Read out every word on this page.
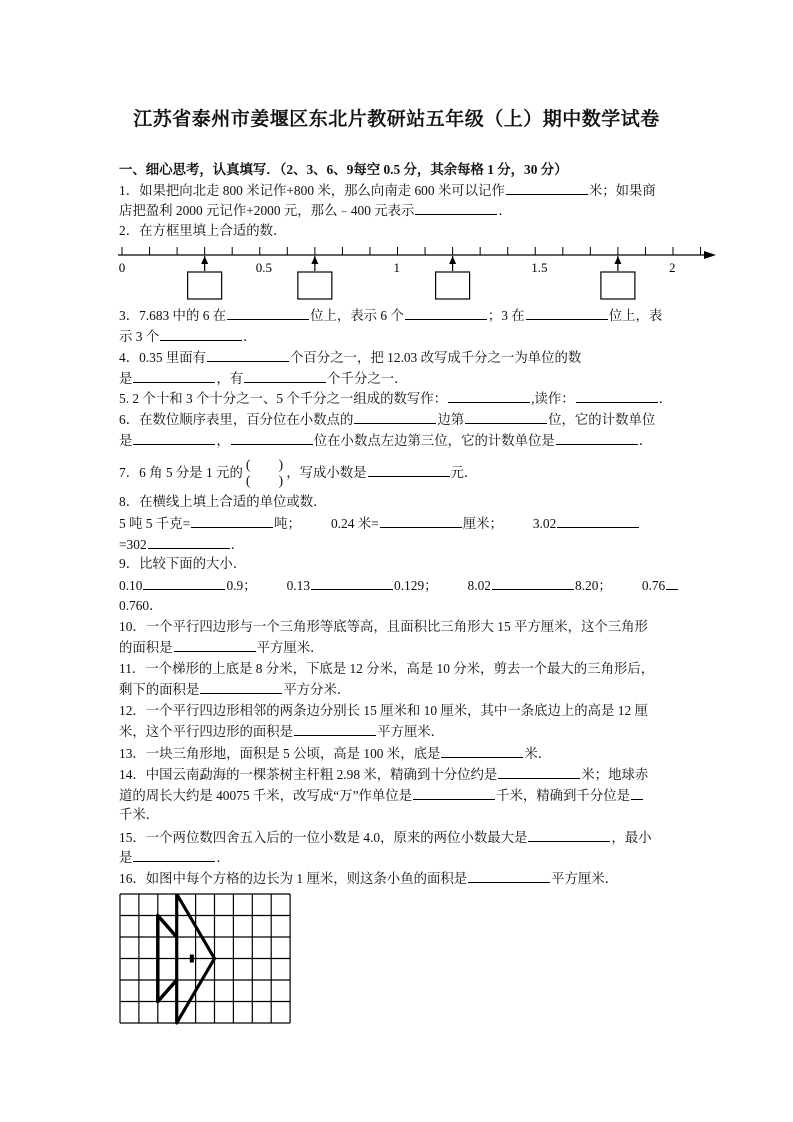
江苏省泰州市姜堰区东北片教研站五年级（上）期中数学试卷
一、细心思考，认真填写．（2、3、6、9每空 0.5 分，其余每格 1 分，30 分）
1．如果把向北走 800 米记作+800 米，那么向南走 600 米可以记作	米；如果商
店把盈利 2000 元记作+2000 元，那么﹣400 元表示	．
2．在方框里填上合适的数．
3．7.683 中的 6 在	位上，表示 6 个	；3 在	位上，表
示 3 个	．
4．0.35 里面有	个百分之一，把 12.03 改写成千分之一为单位的数
是	，有	个千分之一．
5. 2 个十和 3 个十分之一、5 个千分之一组成的数写作：	,读作：	．
6．在数位顺序表里，百分位在小数点的	边第	位，它的计数单位
是	，	位在小数点左边第三位，它的计数单位是	．
7．6 角 5 分是 1 元的 (　　)
(　　)
，写成小数是	元．
8．在横线上填上合适的单位或数．
5 吨 5 千克=	吨； 0.24 米=	厘米； 3.02
=302	．
9．比较下面的大小．
0.10	0.9； 0.13	0.129； 8.02	8.20； 0.76
0.760．
10．一个平行四边形与一个三角形等底等高，且面积比三角形大 15 平方厘米，这个三角形
的面积是	平方厘米．
11．一个梯形的上底是 8 分米，下底是 12 分米，高是 10 分米，剪去一个最大的三角形后，
剩下的面积是	平方分米．
12．一个平行四边形相邻的两条边分别长 15 厘米和 10 厘米，其中一条底边上的高是 12 厘
米，这个平行四边形的面积是	平方厘米．
13．一块三角形地，面积是 5 公顷，高是 100 米，底是	米．
14．中国云南勐海的一棵茶树主杆粗 2.98 米，精确到十分位约是	米；地球赤
道的周长大约是 40075 千米，改写成“万”作单位是	千米，精确到千分位是
千米．
15．一个两位数四舍五入后的一位小数是 4.0，原来的两位小数最大是	，最小
是	．
16．如图中每个方格的边长为 1 厘米，则这条小鱼的面积是	平方厘米．
0	0.5	1	1.5	2
